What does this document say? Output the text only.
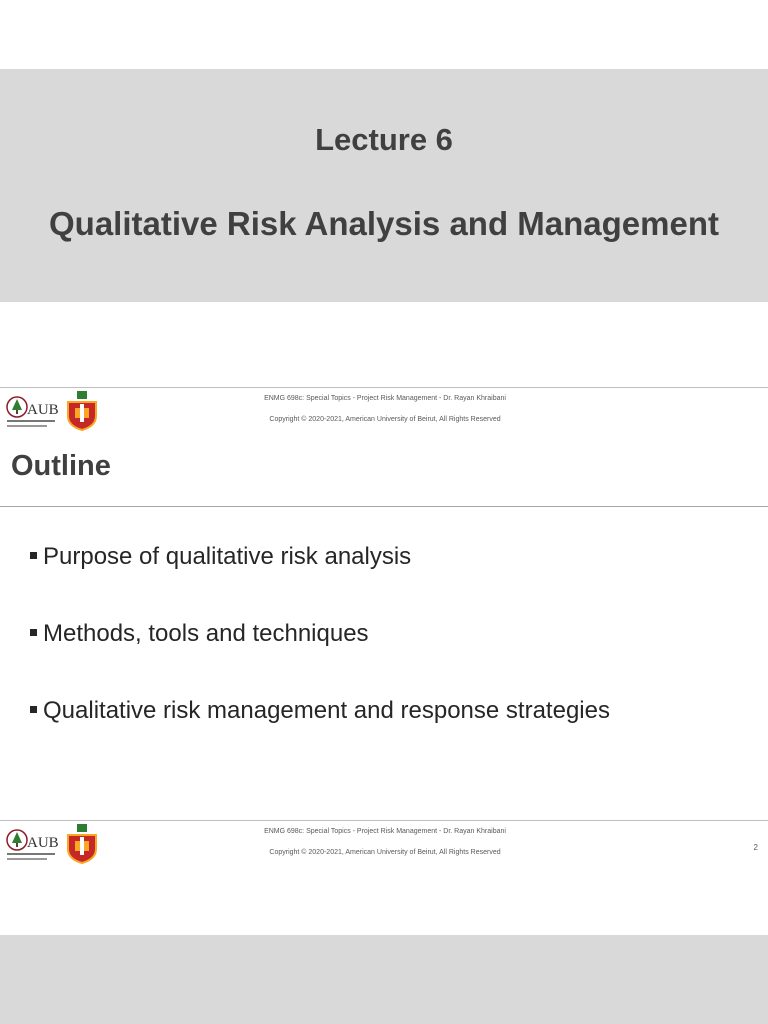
Lecture 6
Qualitative Risk Analysis and Management
AUB
ENMG 698c: Special Topics - Project Risk Management - Dr. Rayan Khraibani
Copyright © 2020-2021, American University of Beirut, All Rights Reserved
Outline
Purpose of qualitative risk analysis
Methods, tools and techniques
Qualitative risk management and response strategies
AUB
ENMG 698c: Special Topics - Project Risk Management - Dr. Rayan Khraibani
Copyright © 2020-2021, American University of Beirut, All Rights Reserved
2
